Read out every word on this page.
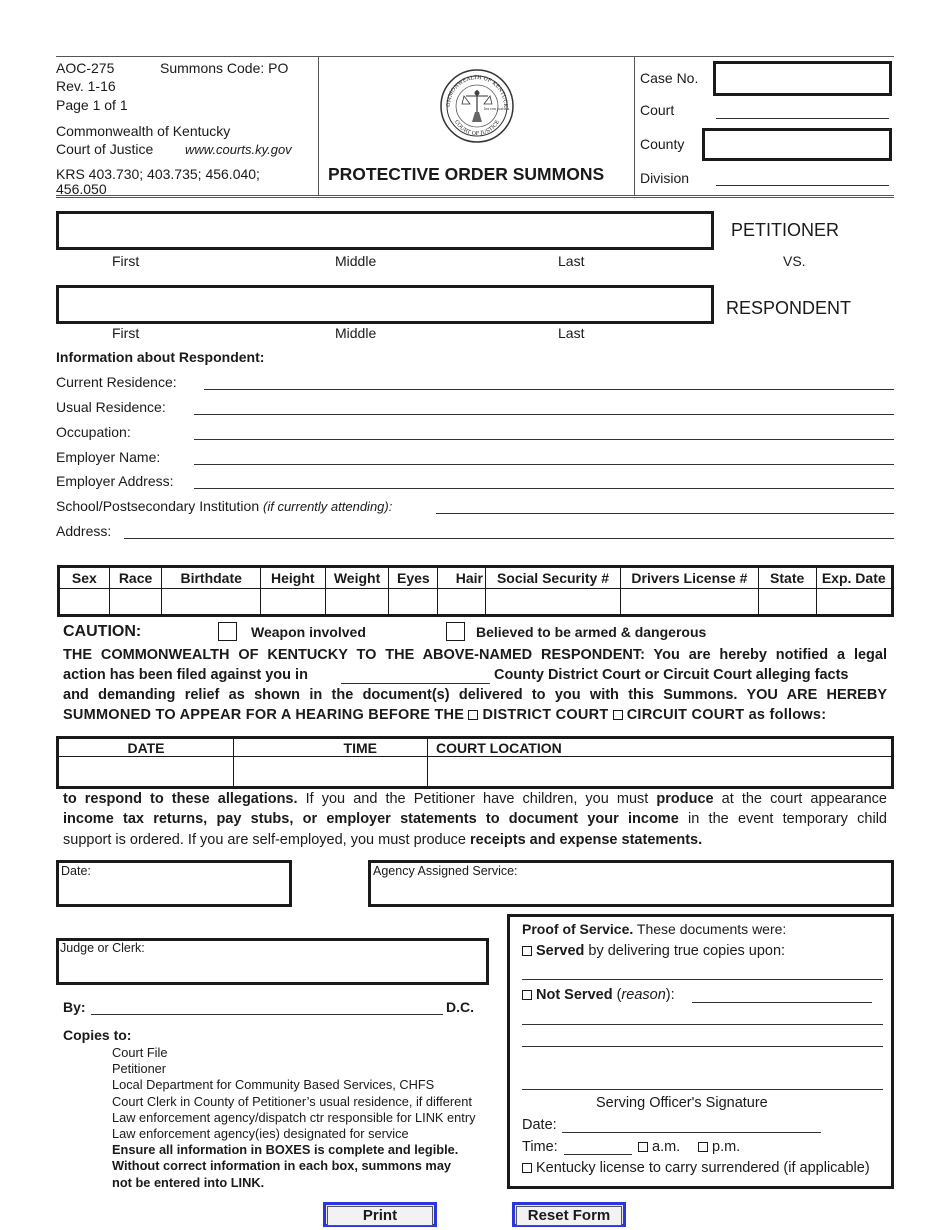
AOC-275	Summons Code: PO
Rev. 1-16
Page 1 of 1
Commonwealth of Kentucky
Court of Justice www.courts.ky.gov
KRS 403.730; 403.735; 456.040;
456.050
OMMONWEALTH OF KENTUCK
COURT OF JUSTICE
lex rex justitia
PROTECTIVE ORDER SUMMONS
Case No.
Court
County
Division
PETITIONER
First	Middle	Last	VS.
RESPONDENT
First	Middle	Last
Information about Respondent:
Current Residence:
Usual Residence:
Occupation:
Employer Name:
Employer Address:
School/Postsecondary Institution (if currently attending):
Address:
Sex	Race	Birthdate	Height	Weight	Eyes	Hair	Social Security #	Drivers License #	State	Exp. Date

CAUTION:	Weapon involved	Believed to be armed & dangerous
THE COMMONWEALTH OF KENTUCKY TO THE ABOVE-NAMED RESPONDENT: You are hereby notified a legal
action has been filed against you in	County District Court or Circuit Court alleging facts
and demanding relief as shown in the document(s) delivered to you with this Summons. YOU ARE HEREBY
SUMMONED TO APPEAR FOR A HEARING BEFORE THE DISTRICT COURT CIRCUIT COURT as follows:
DATE	TIME	COURT LOCATION

to respond to these allegations. If you and the Petitioner have children, you must produce at the court appearance
income tax returns, pay stubs, or employer statements to document your income in the event temporary child
support is ordered. If you are self-employed, you must produce receipts and expense statements.
Date:	Agency Assigned Service:
Judge or Clerk:
By:	D.C.
Copies to:
Court File
Petitioner
Local Department for Community Based Services, CHFS
Court Clerk in County of Petitioner’s usual residence, if different
Law enforcement agency/dispatch ctr responsible for LINK entry
Law enforcement agency(ies) designated for service
Ensure all information in BOXES is complete and legible.
Without correct information in each box, summons may
not be entered into LINK.
Proof of Service. These documents were:
Served by delivering true copies upon:
Not Served (reason):
Serving Officer's Signature
Date:
Time:	a.m.	p.m.
Kentucky license to carry surrendered (if applicable)
Print	Reset Form
